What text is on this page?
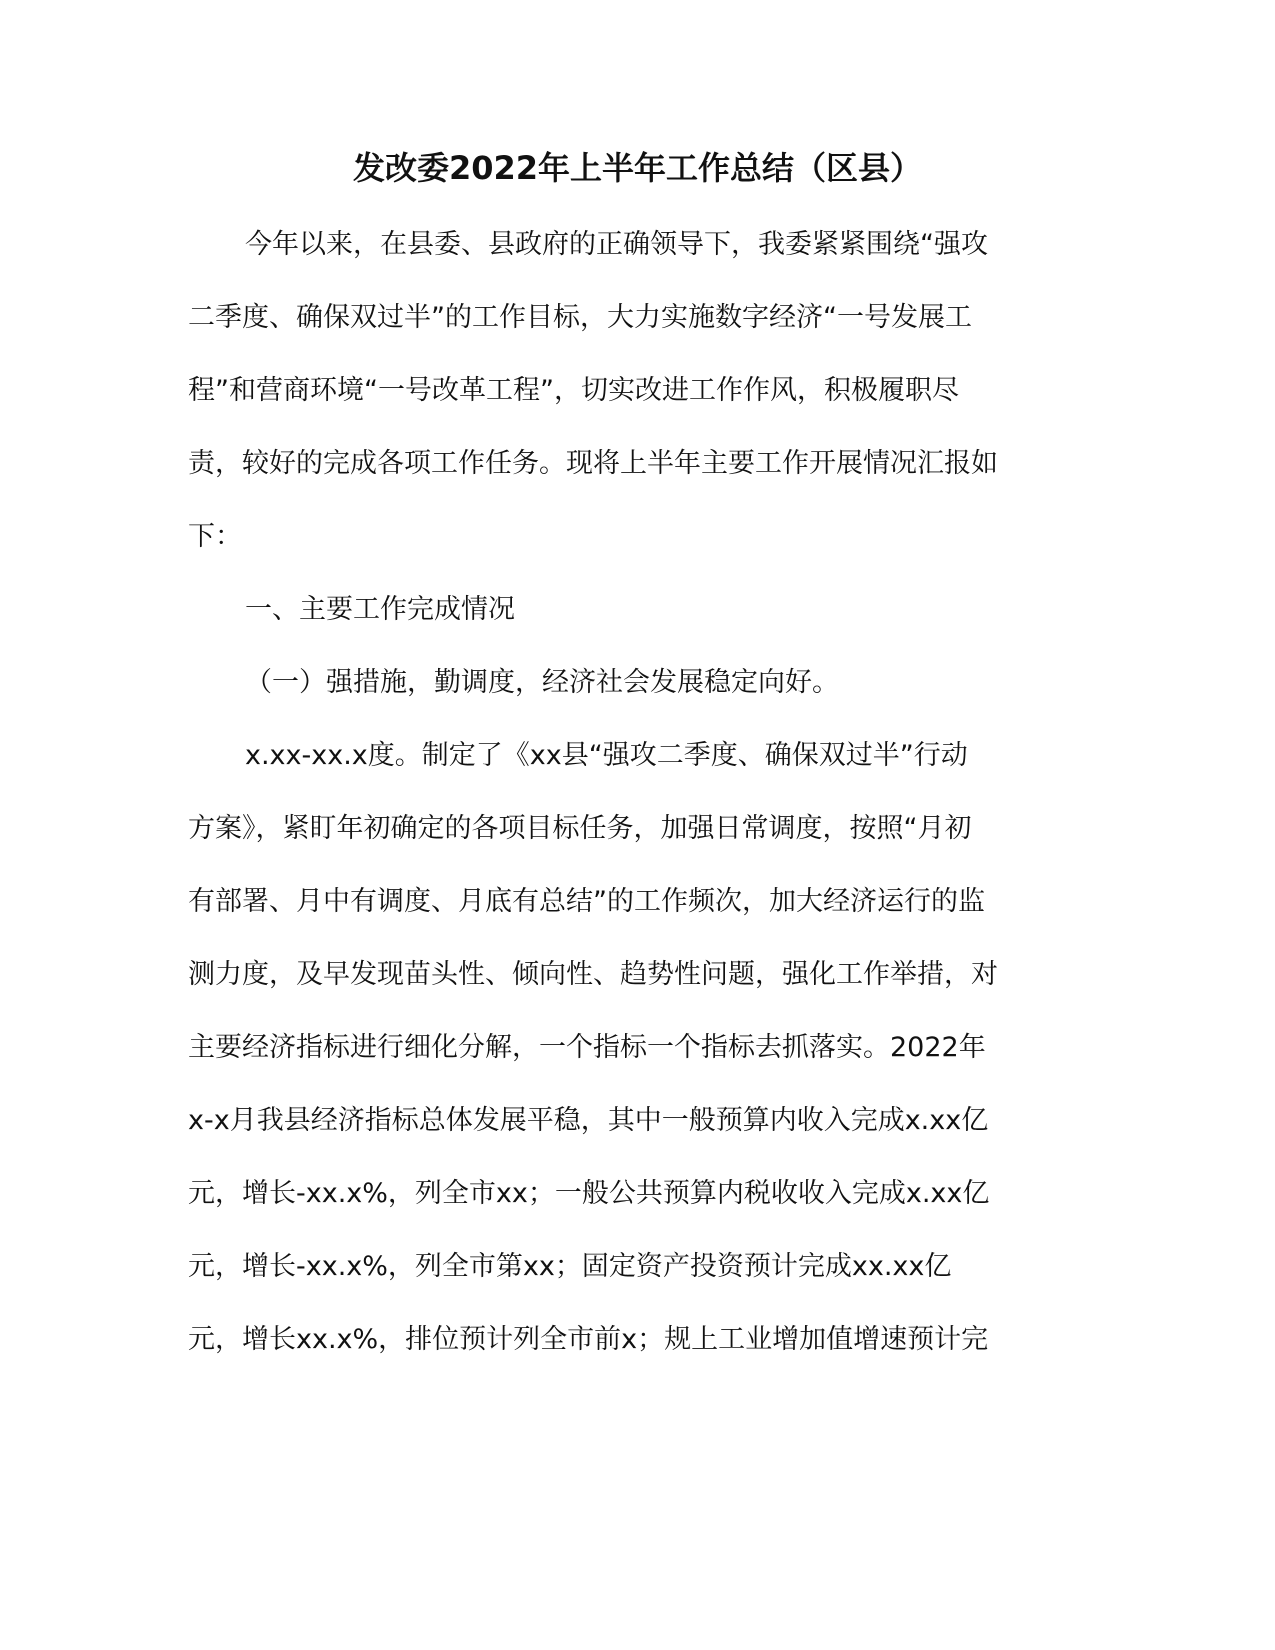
发改委2022年上半年工作总结（区县）
今年以来，在县委、县政府的正确领导下，我委紧紧围绕“强攻
二季度、确保双过半”的工作目标，大力实施数字经济“一号发展工
程”和营商环境“一号改革工程”，切实改进工作作风，积极履职尽
责，较好的完成各项工作任务。现将上半年主要工作开展情况汇报如
下：
一、主要工作完成情况
（一）强措施，勤调度，经济社会发展稳定向好。
x.xx-xx.x度。制定了《xx县“强攻二季度、确保双过半”行动
方案》，紧盯年初确定的各项目标任务，加强日常调度，按照“月初
有部署、月中有调度、月底有总结”的工作频次，加大经济运行的监
测力度，及早发现苗头性、倾向性、趋势性问题，强化工作举措，对
主要经济指标进行细化分解，一个指标一个指标去抓落实。2022年
x-x月我县经济指标总体发展平稳，其中一般预算内收入完成x.xx亿
元，增长-xx.x%，列全市xx；一般公共预算内税收收入完成x.xx亿
元，增长-xx.x%，列全市第xx；固定资产投资预计完成xx.xx亿
元，增长xx.x%，排位预计列全市前x；规上工业增加值增速预计完
